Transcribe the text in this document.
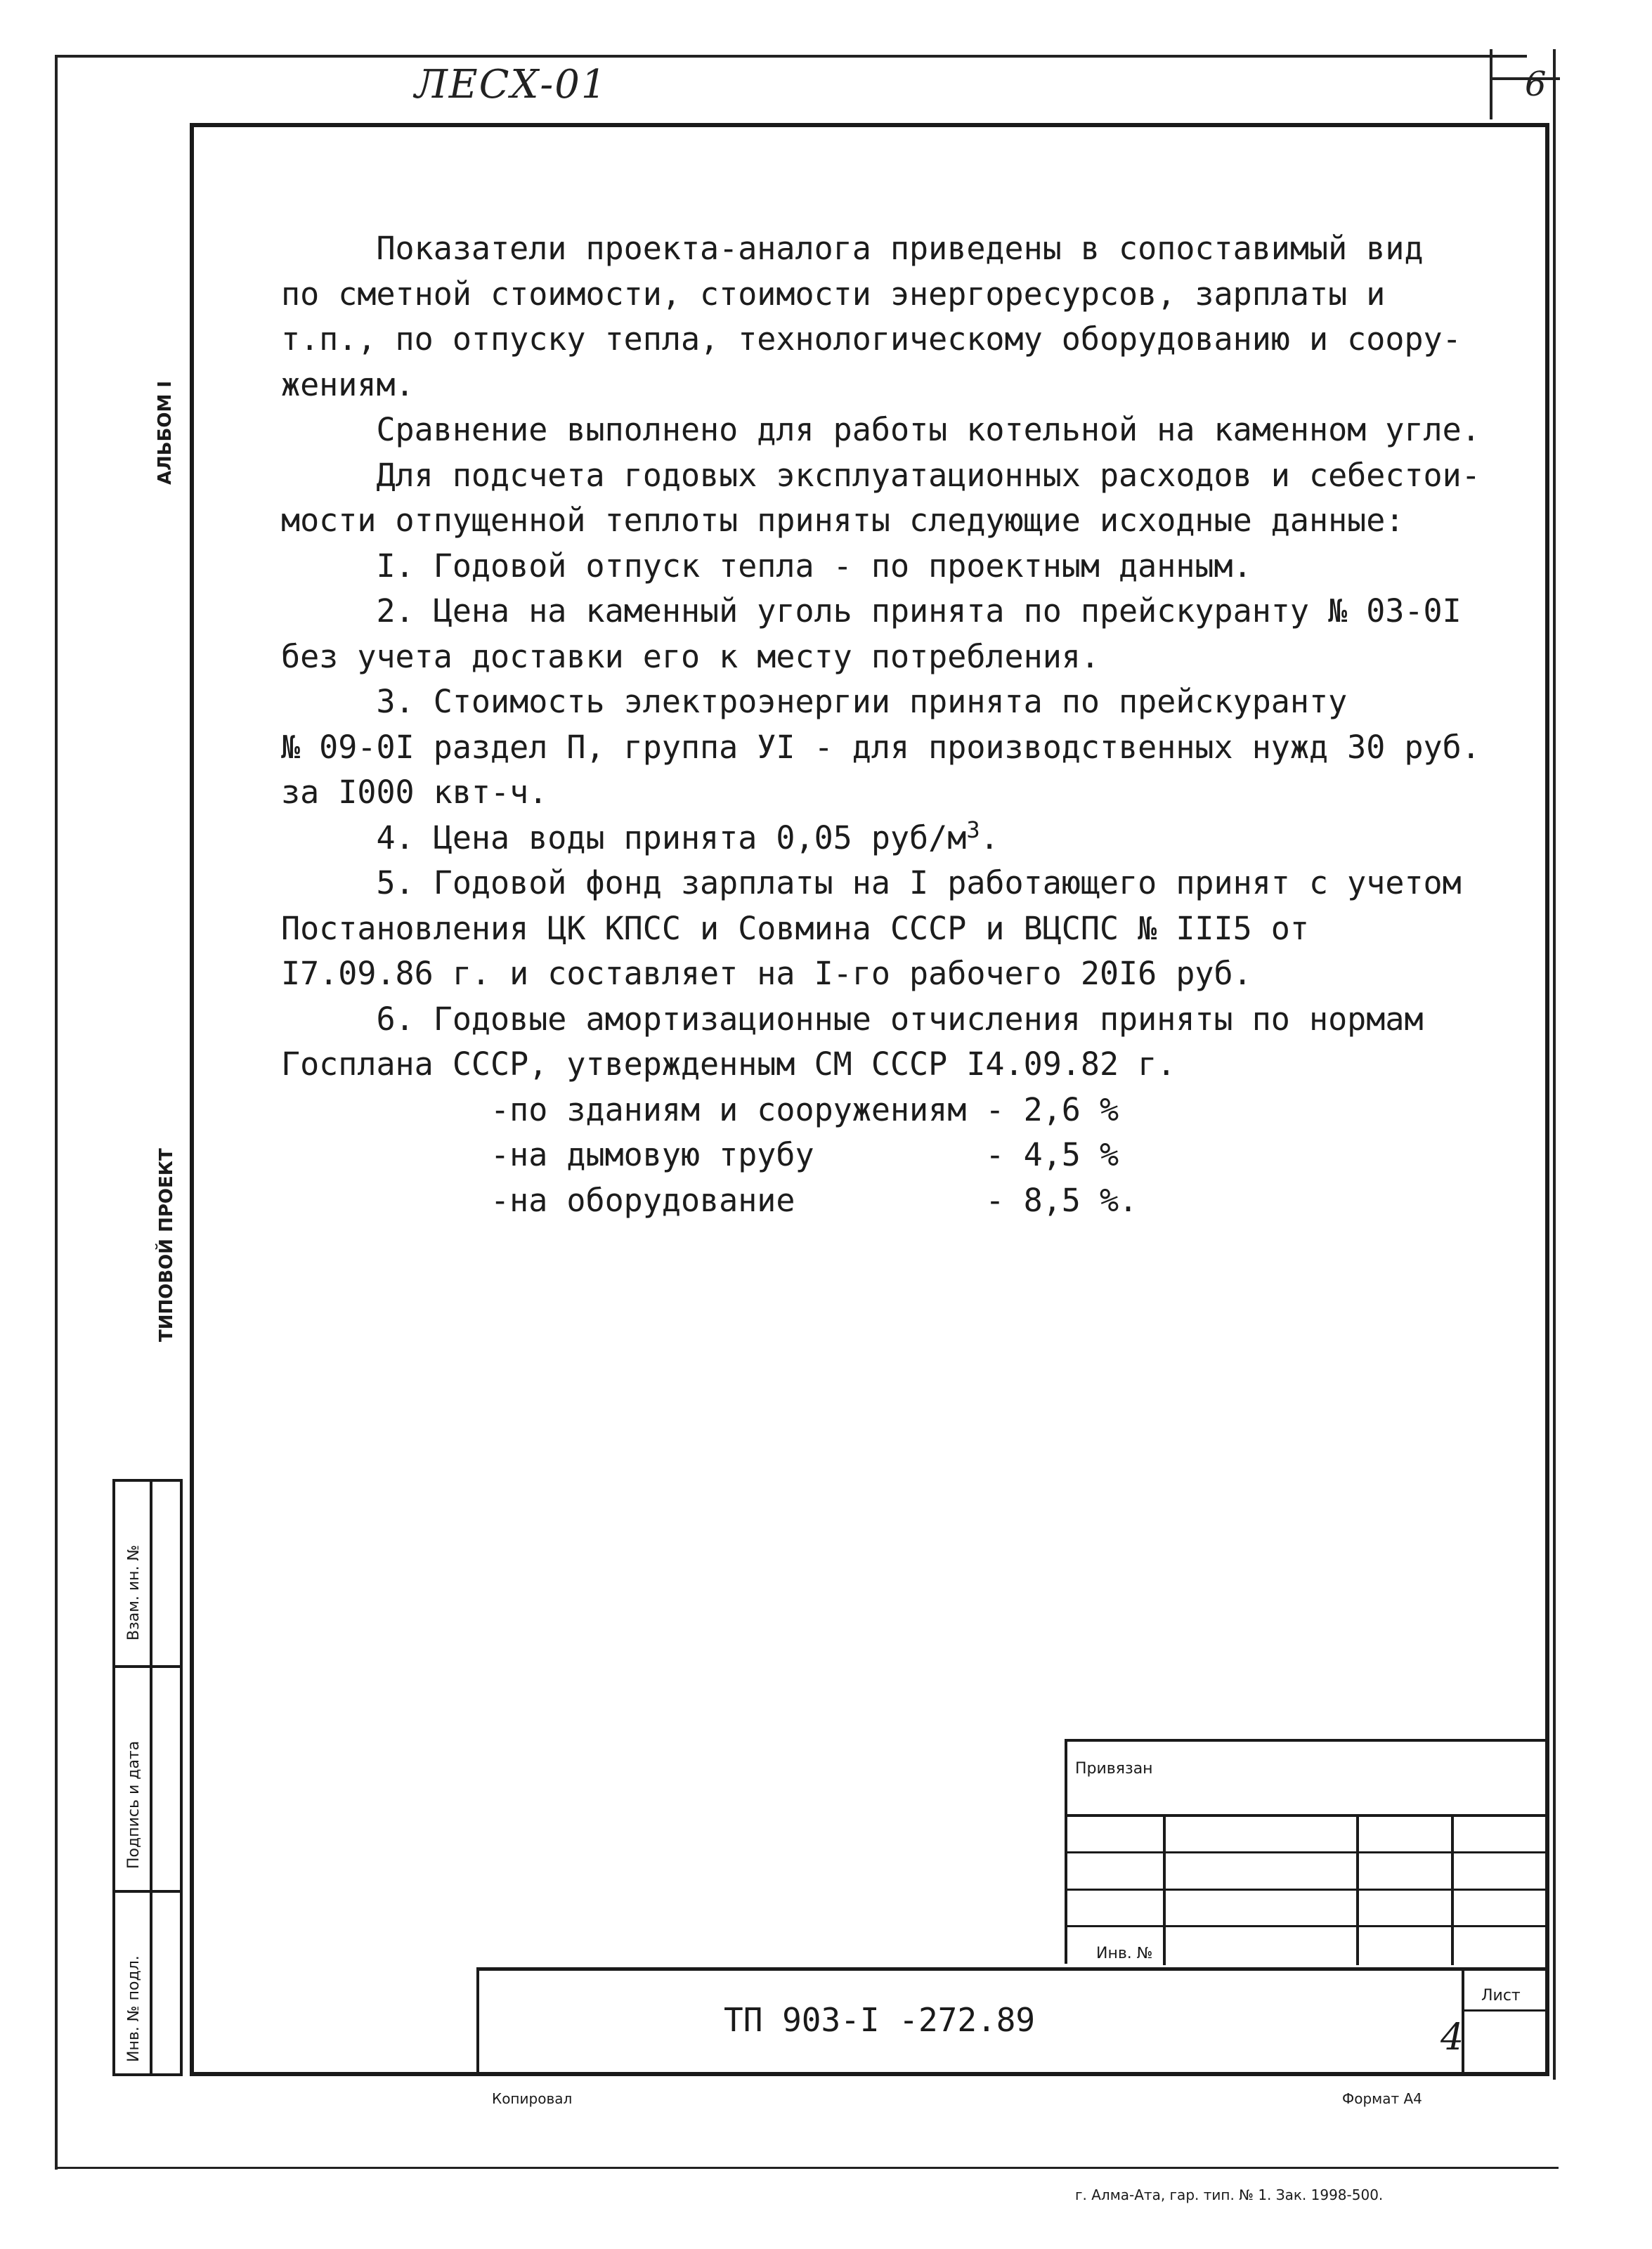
ЛЕСХ-01	6

Показатели проекта-аналога приведены в сопоставимый вид

по сметной стоимости, стоимости энергоресурсов, зарплаты и

т.п., по отпуску тепла, технологическому оборудованию и соору-

жениям.

Сравнение выполнено для работы котельной на каменном угле.

Для подсчета годовых эксплуатационных расходов и себестои-

мости отпущенной теплоты приняты следующие исходные данные:

I. Годовой отпуск тепла - по проектным данным.

2. Цена на каменный уголь принята по прейскуранту № 03-0I

без учета доставки его к месту потребления.

3. Стоимость электроэнергии принята по прейскуранту

№ 09-0I раздел П, группа УI - для производственных нужд 30 руб.

за I000 квт-ч.

4. Цена воды принята 0,05 руб/$м^3$.

5. Годовой фонд зарплаты на I работающего принят с учетом

Постановления ЦК КПСС и Совмина СССР и ВЦСПС № III5 от

I7.09.86 г. и составляет на I-го рабочего 20I6 руб.

6. Годовые амортизационные отчисления приняты по нормам

Госплана СССР, утвержденным СМ СССР I4.09.82 г.

-по зданиям и сооружениям - 2,6 %

-на дымовую трубу         - 4,5 %

-на оборудование          - 8,5 %.

АЛЬБОМ I
ТИПОВОЙ ПРОЕКТ
Взам. ин. №
Подпись и дата
Инв. № подл.
Привязан
Инв. №
ТП 903-I -272.89
Лист
4
Копировал	Формат А4
г. Алма-Ата, гар. тип. № 1. Зак. 1998-500.
